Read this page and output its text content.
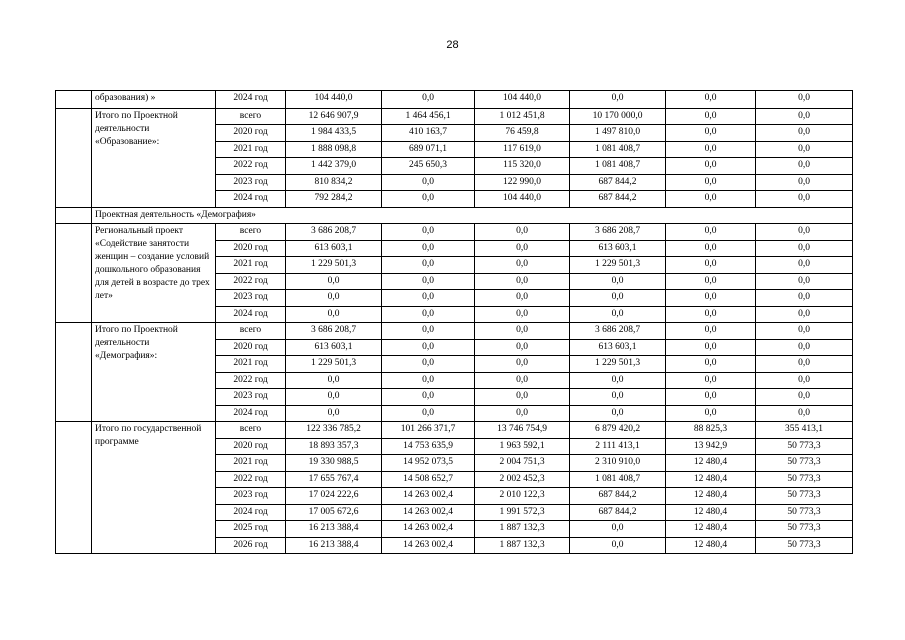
28
	образования) »	2024 год	104 440,0	0,0	104 440,0	0,0	0,0	0,0
	Итого по Проектной деятельности «Образование»:	всего	12 646 907,9	1 464 456,1	1 012 451,8	10 170 000,0	0,0	0,0
		2020 год	1 984 433,5	410 163,7	76 459,8	1 497 810,0	0,0	0,0
		2021 год	1 888 098,8	689 071,1	117 619,0	1 081 408,7	0,0	0,0
		2022 год	1 442 379,0	245 650,3	115 320,0	1 081 408,7	0,0	0,0
		2023 год	810 834,2	0,0	122 990,0	687 844,2	0,0	0,0
		2024 год	792 284,2	0,0	104 440,0	687 844,2	0,0	0,0
	Проектная деятельность «Демография»							
	Региональный проект «Содействие занятости женщин – создание условий дошкольного образования для детей в возрасте до трех лет»	всего	3 686 208,7	0,0	0,0	3 686 208,7	0,0	0,0
		2020 год	613 603,1	0,0	0,0	613 603,1	0,0	0,0
		2021 год	1 229 501,3	0,0	0,0	1 229 501,3	0,0	0,0
		2022 год	0,0	0,0	0,0	0,0	0,0	0,0
		2023 год	0,0	0,0	0,0	0,0	0,0	0,0
		2024 год	0,0	0,0	0,0	0,0	0,0	0,0
	Итого по Проектной деятельности «Демография»:	всего	3 686 208,7	0,0	0,0	3 686 208,7	0,0	0,0
		2020 год	613 603,1	0,0	0,0	613 603,1	0,0	0,0
		2021 год	1 229 501,3	0,0	0,0	1 229 501,3	0,0	0,0
		2022 год	0,0	0,0	0,0	0,0	0,0	0,0
		2023 год	0,0	0,0	0,0	0,0	0,0	0,0
		2024 год	0,0	0,0	0,0	0,0	0,0	0,0
	Итого по государственной программе	всего	122 336 785,2	101 266 371,7	13 746 754,9	6 879 420,2	88 825,3	355 413,1
		2020 год	18 893 357,3	14 753 635,9	1 963 592,1	2 111 413,1	13 942,9	50 773,3
		2021 год	19 330 988,5	14 952 073,5	2 004 751,3	2 310 910,0	12 480,4	50 773,3
		2022 год	17 655 767,4	14 508 652,7	2 002 452,3	1 081 408,7	12 480,4	50 773,3
		2023 год	17 024 222,6	14 263 002,4	2 010 122,3	687 844,2	12 480,4	50 773,3
		2024 год	17 005 672,6	14 263 002,4	1 991 572,3	687 844,2	12 480,4	50 773,3
		2025 год	16 213 388,4	14 263 002,4	1 887 132,3	0,0	12 480,4	50 773,3
		2026 год	16 213 388,4	14 263 002,4	1 887 132,3	0,0	12 480,4	50 773,3
